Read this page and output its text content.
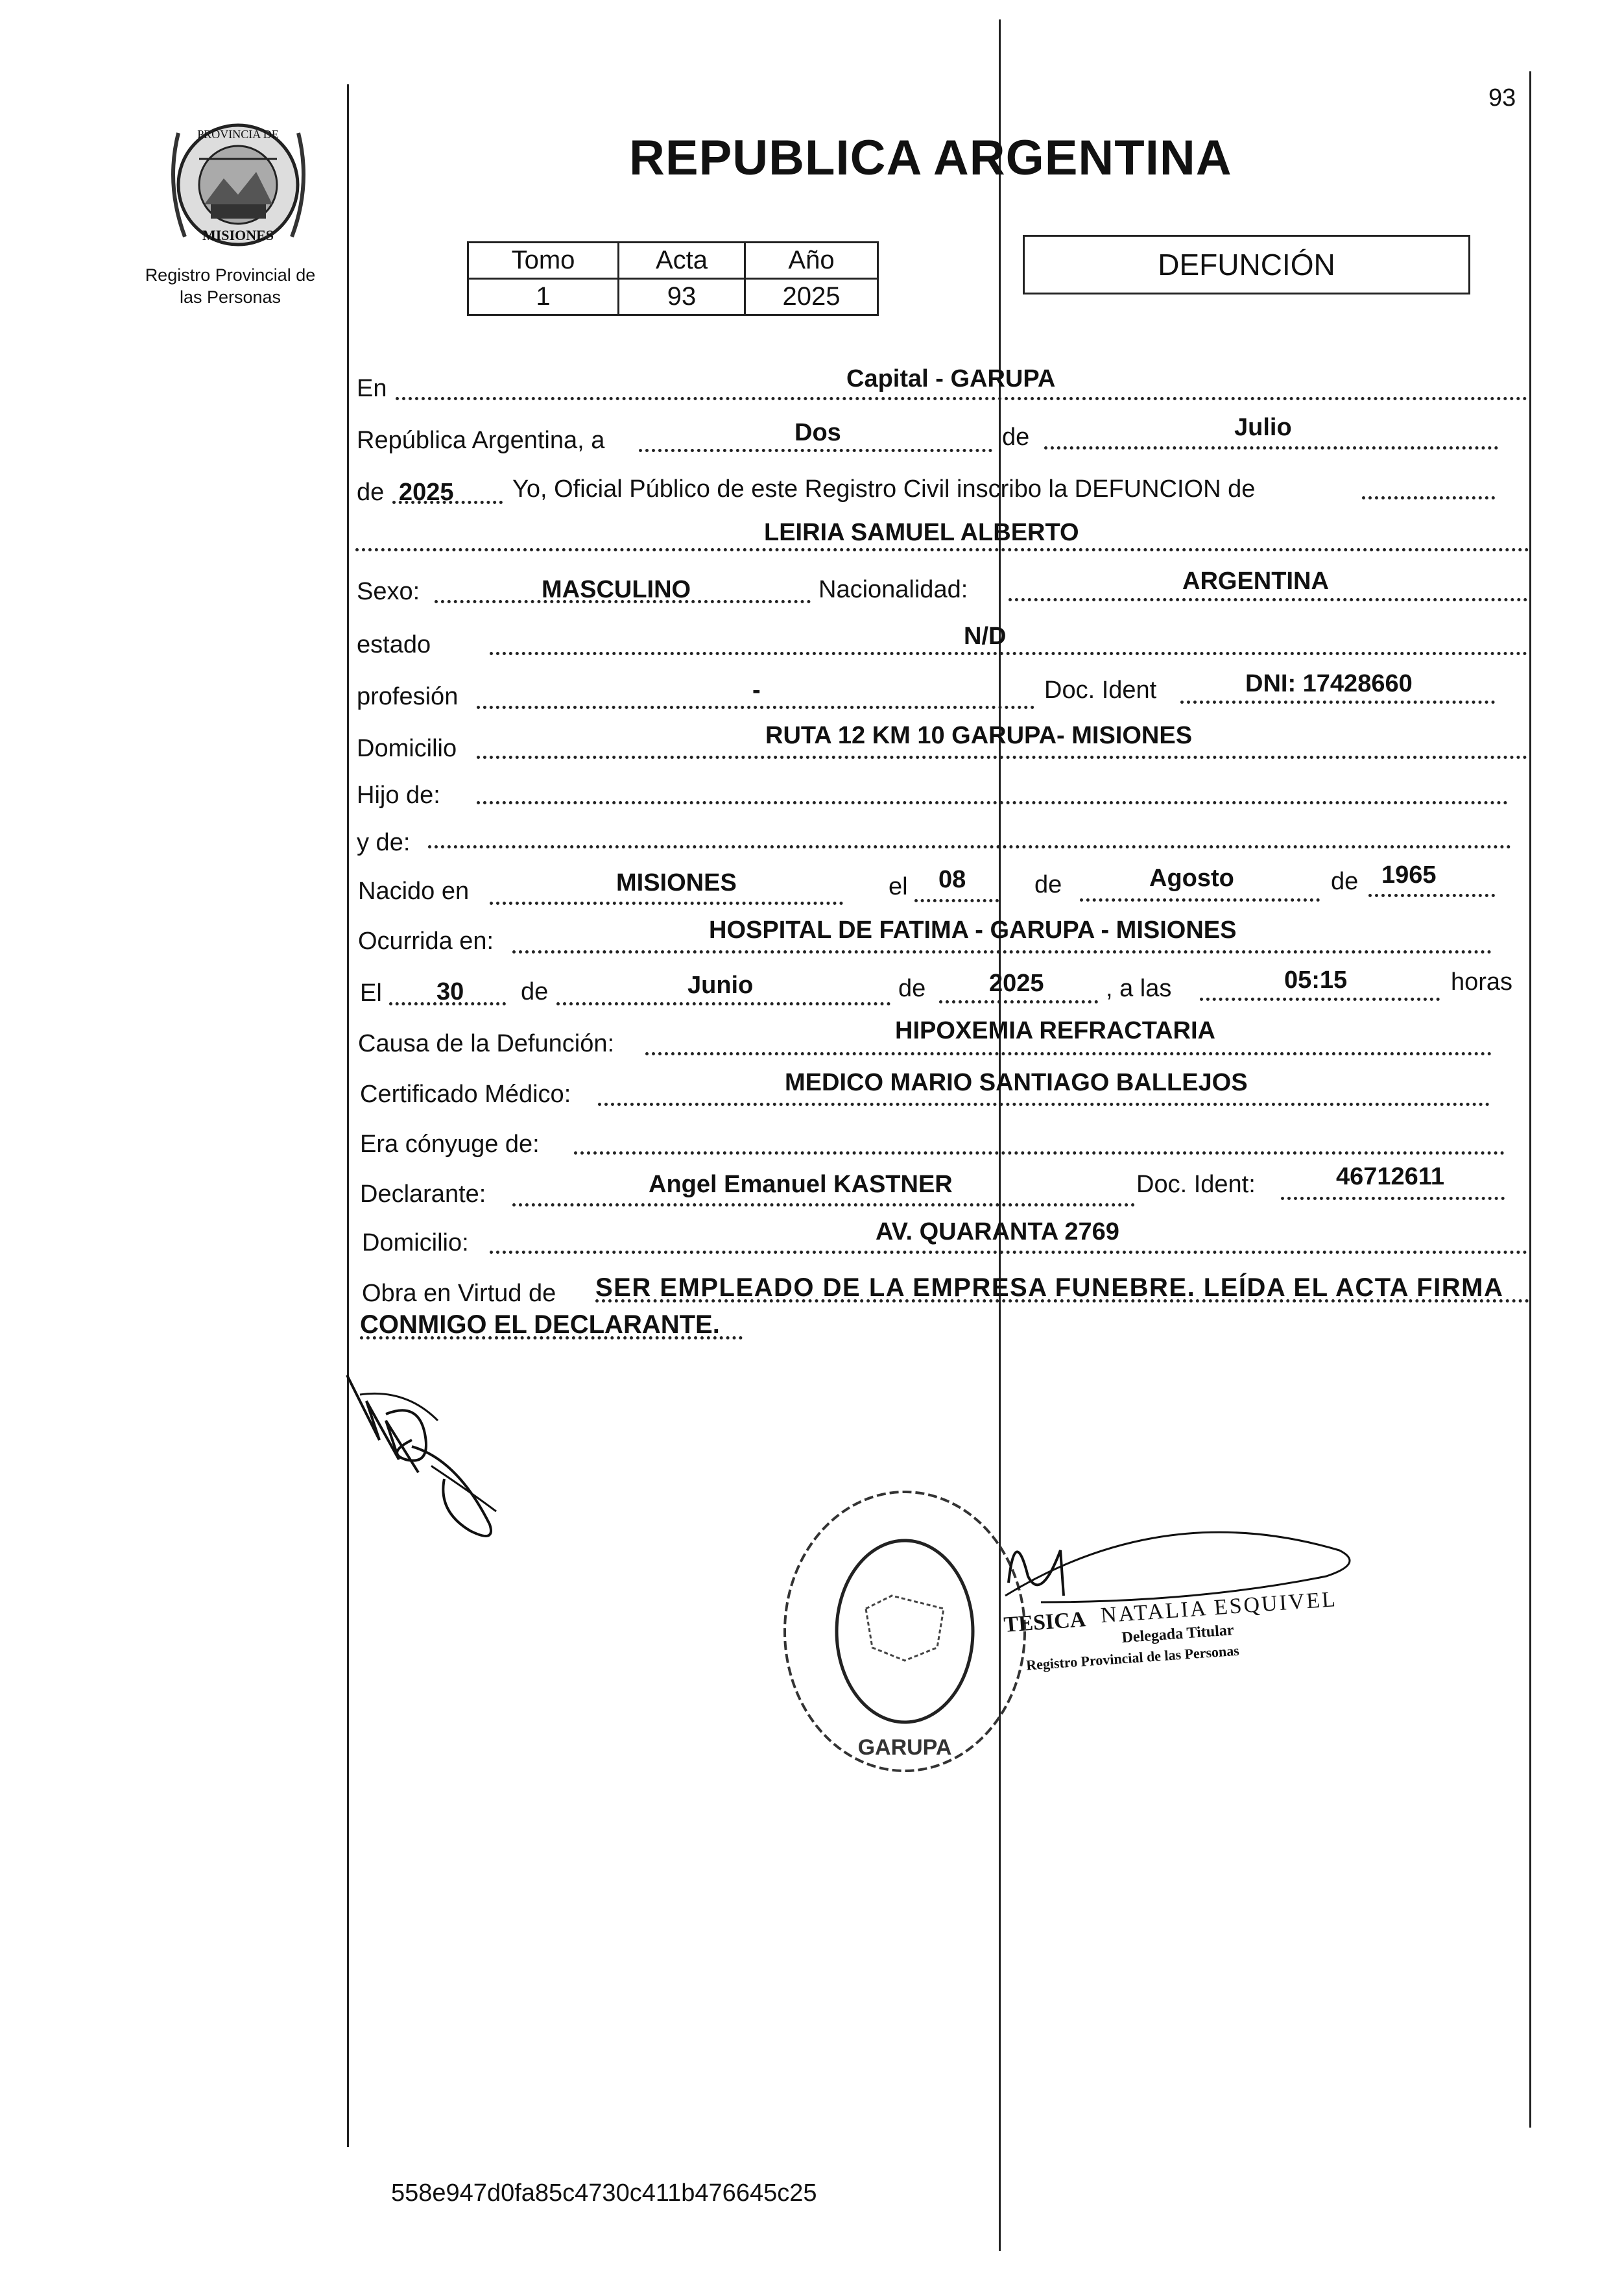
93
REPUBLICA ARGENTINA
PROVINCIA DE
MISIONES
Registro Provincial de
las Personas
Tomo	Acta	Año
1	93	2025
DEFUNCIÓN
En	Capital - GARUPA
República Argentina, a	Dos	de	Julio
de 2025 Yo, Oficial Público de este Registro Civil inscribo la DEFUNCION de
LEIRIA SAMUEL ALBERTO
Sexo:	MASCULINO	Nacionalidad:	ARGENTINA
estado	N/D
profesión	-	Doc. Ident	DNI: 17428660
Domicilio	RUTA 12 KM 10 GARUPA- MISIONES
Hijo de:
y de:
Nacido en	MISIONES	el 08	de	Agosto	de 1965
Ocurrida en:	HOSPITAL DE FATIMA - GARUPA - MISIONES
El 30 de	Junio	de	2025	, a las	05:15	horas
Causa de la Defunción:	HIPOXEMIA REFRACTARIA
Certificado Médico:	MEDICO MARIO SANTIAGO BALLEJOS
Era cónyuge de:
Declarante:	Angel Emanuel KASTNER	Doc. Ident:	46712611
Domicilio:	AV. QUARANTA 2769
Obra en Virtud de SER EMPLEADO DE LA EMPRESA FUNEBRE. LEÍDA EL ACTA FIRMA
CONMIGO EL DECLARANTE.
GARUPA
TESICA NATALIA ESQUIVEL
Delegada Titular
Registro Provincial de las Personas
558e947d0fa85c4730c411b476645c25
